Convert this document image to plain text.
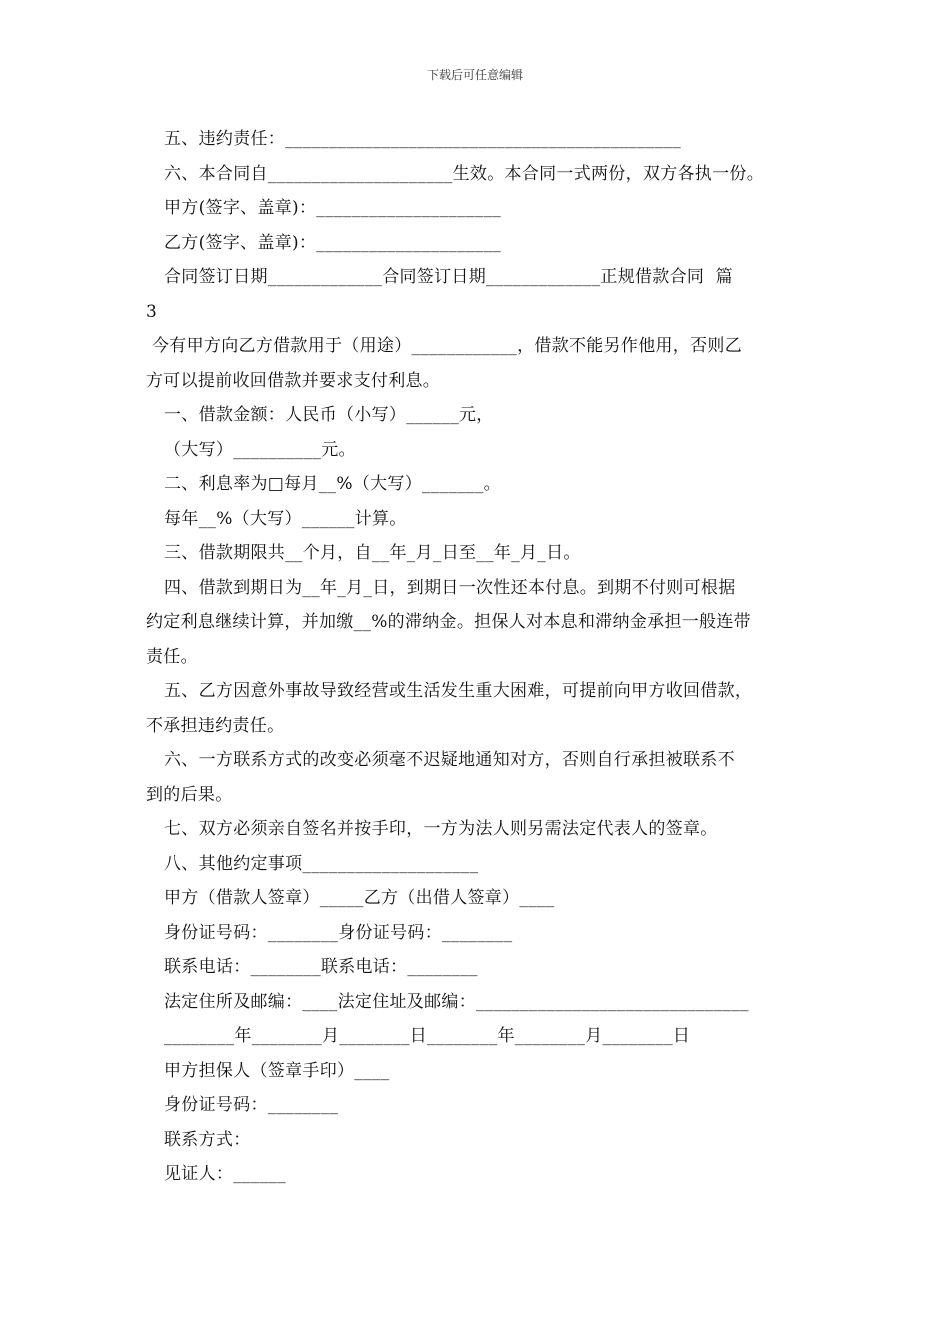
下载后可任意编辑
五、违约责任：_____________________________________________
六、本合同自_____________________生效。本合同一式两份，双方各执一份。
甲方(签字、盖章)：_____________________
乙方(签字、盖章)：_____________________
合同签订日期_____________合同签订日期_____________正规借款合同  篇
3
今有甲方向乙方借款用于（用途）____________，借款不能另作他用，否则乙
方可以提前收回借款并要求支付利息。
一、借款金额：人民币（小写）______元，
（大写）__________元。
二、利息率为□每月__%（大写）_______。
每年__%（大写）______计算。
三、借款期限共__个月，自__年_月_日至__年_月_日。
四、借款到期日为__年_月_日，到期日一次性还本付息。到期不付则可根据
约定利息继续计算，并加缴__%的滞纳金。担保人对本息和滞纳金承担一般连带
责任。
五、乙方因意外事故导致经营或生活发生重大困难，可提前向甲方收回借款，
不承担违约责任。
六、一方联系方式的改变必须毫不迟疑地通知对方，否则自行承担被联系不
到的后果。
七、双方必须亲自签名并按手印，一方为法人则另需法定代表人的签章。
八、其他约定事项____________________
甲方（借款人签章）_____乙方（出借人签章）____
身份证号码：________身份证号码：________
联系电话：________联系电话：________
法定住所及邮编：____法定住址及邮编：_______________________________
________年________月________日________年________月________日
甲方担保人（签章手印）____
身份证号码：________
联系方式：
见证人：______
